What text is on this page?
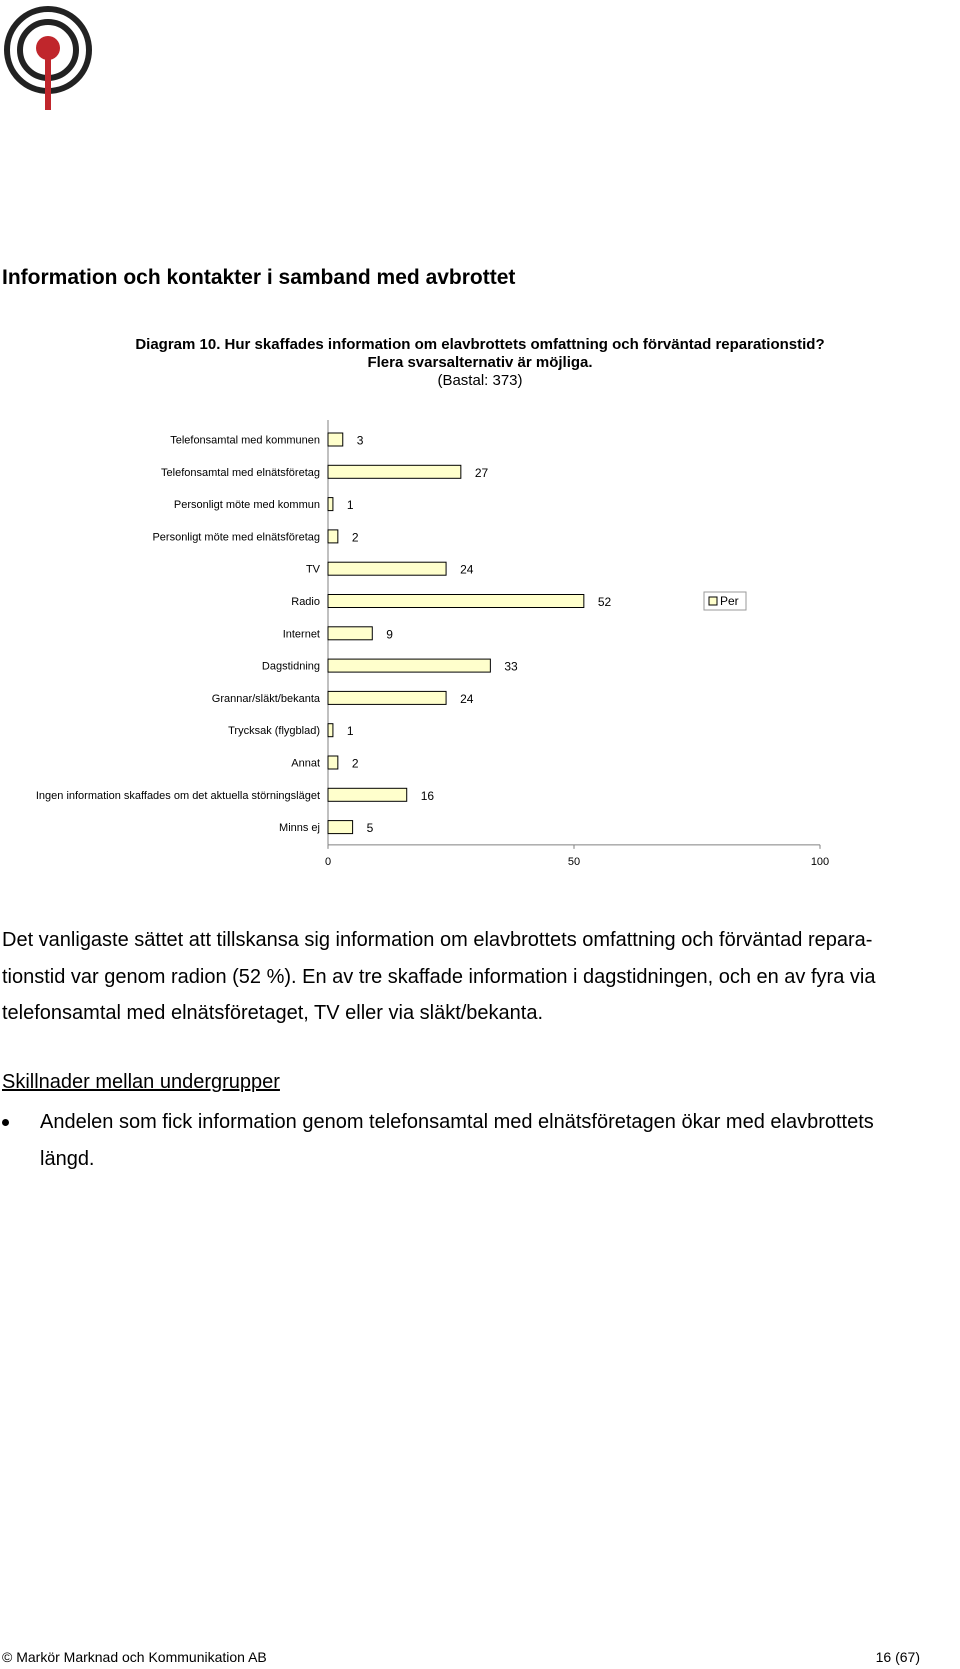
Information och kontakter i samband med avbrottet
Diagram 10. Hur skaffades information om elavbrottets omfattning och förväntad reparationstid?
Flera svarsalternativ är möjliga.
(Bastal: 373)
Telefonsamtal med kommunen	3
Telefonsamtal med elnätsföretag	27
Personligt möte med kommun 1
Personligt möte med elnätsföretag	2
TV	24
Radio	52
Internet	9
Dagstidning	33
Grannar/släkt/bekanta	24
Trycksak (flygblad) 1
Annat	2
Ingen information skaffades om det aktuella störningsläget	16
Minns ej	5
0	50	100
Per

Det vanligaste sättet att tillskansa sig information om elavbrottets omfattning och förväntad reparationstid var genom radion (52 %). En av tre skaffade information i dagstidningen, och en av fyra via telefonsamtal med elnätsföretaget, TV eller via släkt/bekanta.

Skillnader mellan undergrupper
Andelen som fick information genom telefonsamtal med elnätsföretagen ökar med elavbrottets längd.
© Markör Marknad och Kommunikation AB	16 (67)
